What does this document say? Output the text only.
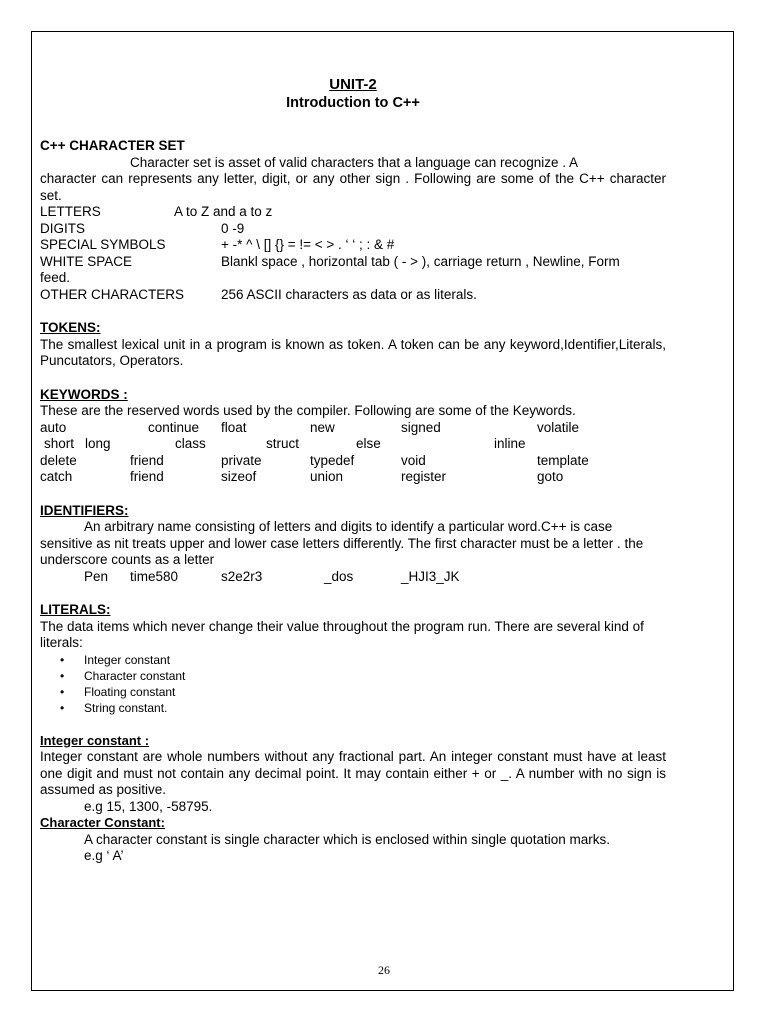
UNIT-2
Introduction to C++
C++ CHARACTER SET
Character set is asset of valid characters that a language can recognize . A
character can represents any letter, digit, or any other sign . Following are some of the C++ character set.
LETTERS	A to Z and a to z
DIGITS	0 -9
SPECIAL SYMBOLS	+ -* ^ \ [] {} = != < > . ‘ ‘ ; : & #
WHITE SPACE	Blankl space , horizontal tab ( - > ), carriage return , Newline, Form
feed.
OTHER CHARACTERS	256 ASCII characters as data or as literals.
TOKENS:
The smallest lexical unit in a program is known as token. A token can be any keyword,Identifier,Literals, Puncutators, Operators.
KEYWORDS :
These are the reserved words used by the compiler. Following are some of the Keywords.
auto	continue float	new	signed	volatile
short long	class	struct	else	inline
delete	friend	private	typedef	void	template
catch	friend	sizeof	union	register	goto
IDENTIFIERS:
An arbitrary name consisting of letters and digits to identify a particular word.C++ is case sensitive as nit treats upper and lower case letters differently. The first character must be a letter . the underscore counts as a letter
Pen time580	s2e2r3	_dos	_HJI3_JK
LITERALS:
The data items which never change their value throughout the program run. There are several kind of literals:
• Integer constant
• Character constant
• Floating constant
• String constant.
Integer constant :
Integer constant are whole numbers without any fractional part. An integer constant must have at least one digit and must not contain any decimal point. It may contain either + or _. A number with no sign is assumed as positive.
e.g 15, 1300, -58795.
Character Constant:
A character constant is single character which is enclosed within single quotation marks.
e.g ‘ A’
26
